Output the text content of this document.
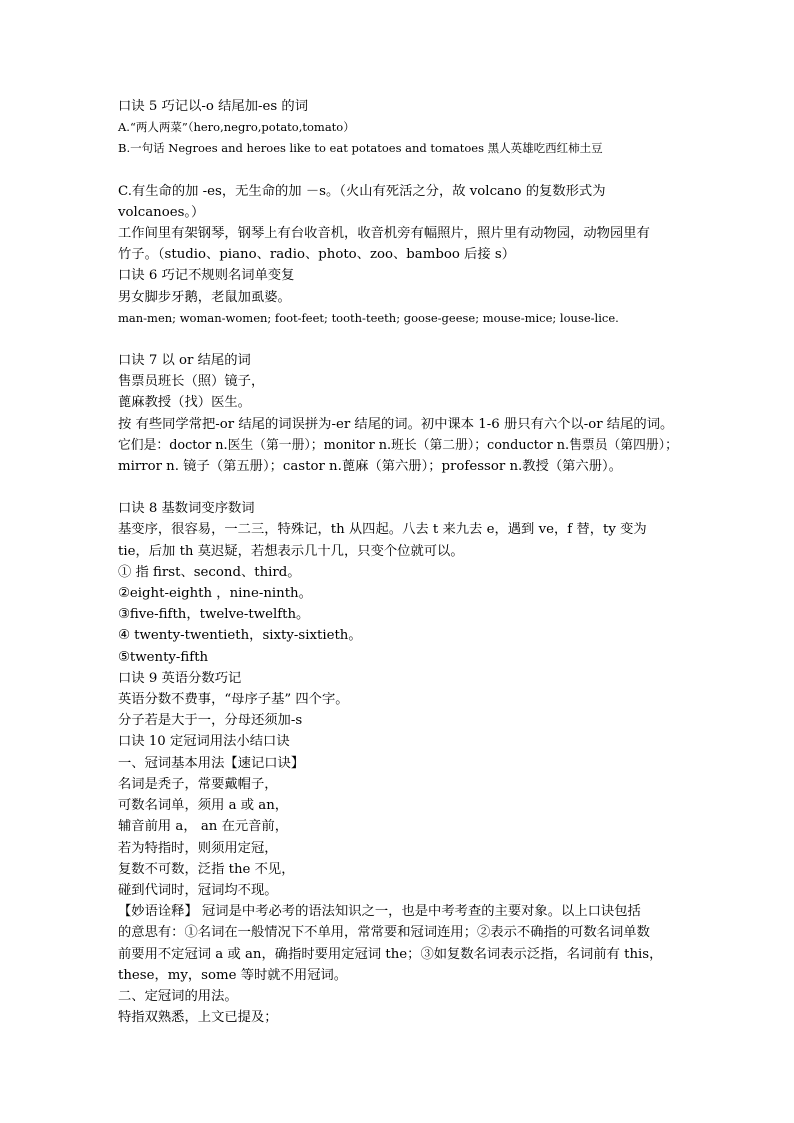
口诀 5 巧记以-o 结尾加-es 的词
A.“两人两菜”（hero,negro,potato,tomato）
B.一句话 Negroes and heroes like to eat potatoes and tomatoes 黑人英雄吃西红柿土豆
C.有生命的加 -es，无生命的加 －s。（火山有死活之分，故 volcano 的复数形式为
volcanoes。）
工作间里有架钢琴，钢琴上有台收音机，收音机旁有幅照片，照片里有动物园，动物园里有
竹子。（studio、piano、radio、photo、zoo、bamboo 后接 s）
口诀 6 巧记不规则名词单变复
男女脚步牙鹅，老鼠加虱婆。
man-men; woman-women; foot-feet; tooth-teeth; goose-geese; mouse-mice; louse-lice.
口诀 7 以 or 结尾的词
售票员班长（照）镜子，
蓖麻教授（找）医生。
按 有些同学常把-or 结尾的词误拼为-er 结尾的词。初中课本 1-6 册只有六个以-or 结尾的词。
它们是：doctor n.医生（第一册）；monitor n.班长（第二册）；conductor n.售票员（第四册）；
mirror n. 镜子（第五册）；castor n.蓖麻（第六册）；professor n.教授（第六册）。
口诀 8 基数词变序数词
基变序，很容易，一二三，特殊记，th 从四起。八去 t 来九去 e，遇到 ve，f 替，ty 变为
tie，后加 th 莫迟疑，若想表示几十几，只变个位就可以。
① 指 first、second、third。
②eight-eighth ，nine-ninth。
③five-fifth，twelve-twelfth。
④ twenty-twentieth，sixty-sixtieth。
⑤twenty-fifth
口诀 9 英语分数巧记
英语分数不费事，“母序子基” 四个字。
分子若是大于一，分母还须加-s
口诀 10 定冠词用法小结口诀
一、冠词基本用法【速记口诀】
名词是秃子，常要戴帽子，
可数名词单，须用 a 或 an，
辅音前用 a， an 在元音前，
若为特指时，则须用定冠，
复数不可数，泛指 the 不见，
碰到代词时，冠词均不现。
【妙语诠释】 冠词是中考必考的语法知识之一，也是中考考查的主要对象。以上口诀包括
的意思有：①名词在一般情况下不单用，常常要和冠词连用；②表示不确指的可数名词单数
前要用不定冠词 a 或 an，确指时要用定冠词 the；③如复数名词表示泛指，名词前有 this，
these，my，some 等时就不用冠词。
二、定冠词的用法。
特指双熟悉，上文已提及；
